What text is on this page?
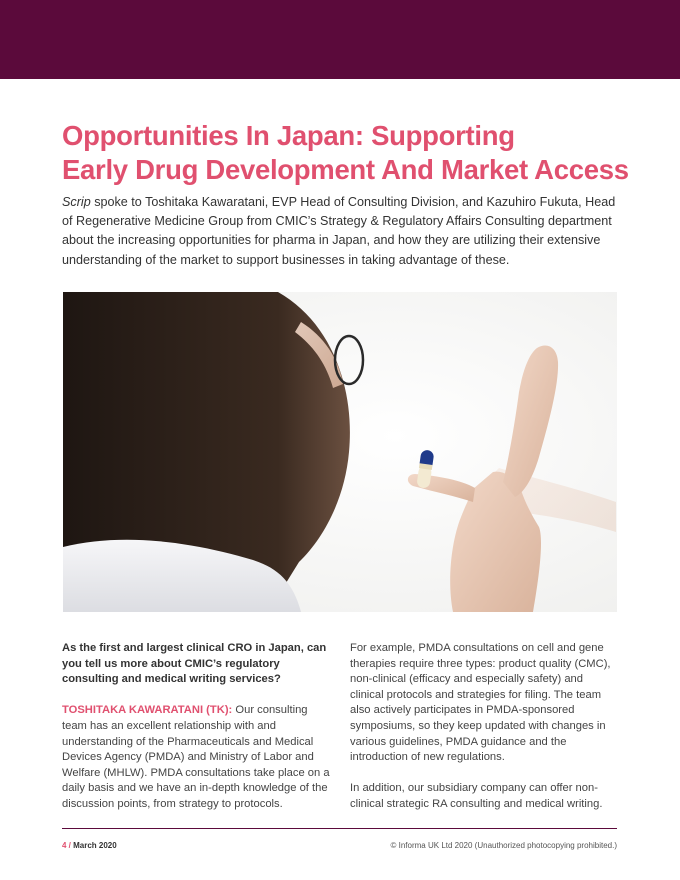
Opportunities In Japan: Supporting
Early Drug Development And Market Access

Scrip spoke to Toshitaka Kawaratani, EVP Head of Consulting Division, and Kazuhiro Fukuta, Head of Regenerative Medicine Group from CMIC’s Strategy & Regulatory Affairs Consulting department about the increasing opportunities for pharma in Japan, and how they are utilizing their extensive understanding of the market to support businesses in taking advantage of these.

As the first and largest clinical CRO in Japan, can you tell us more about CMIC’s regulatory consulting and medical writing services?

TOSHITAKA KAWARATANI (TK): Our consulting team has an excellent relationship with and understanding of the Pharmaceuticals and Medical Devices Agency (PMDA) and Ministry of Labor and Welfare (MHLW). PMDA consultations take place on a daily basis and we have an in-depth knowledge of the discussion points, from strategy to protocols.

For example, PMDA consultations on cell and gene therapies require three types: product quality (CMC), non-clinical (efficacy and especially safety) and clinical protocols and strategies for filing. The team also actively participates in PMDA-sponsored symposiums, so they keep updated with changes in various guidelines, PMDA guidance and the introduction of new regulations.

In addition, our subsidiary company can offer non-clinical strategic RA consulting and medical writing.

4 / March 2020	© Informa UK Ltd 2020 (Unauthorized photocopying prohibited.)
